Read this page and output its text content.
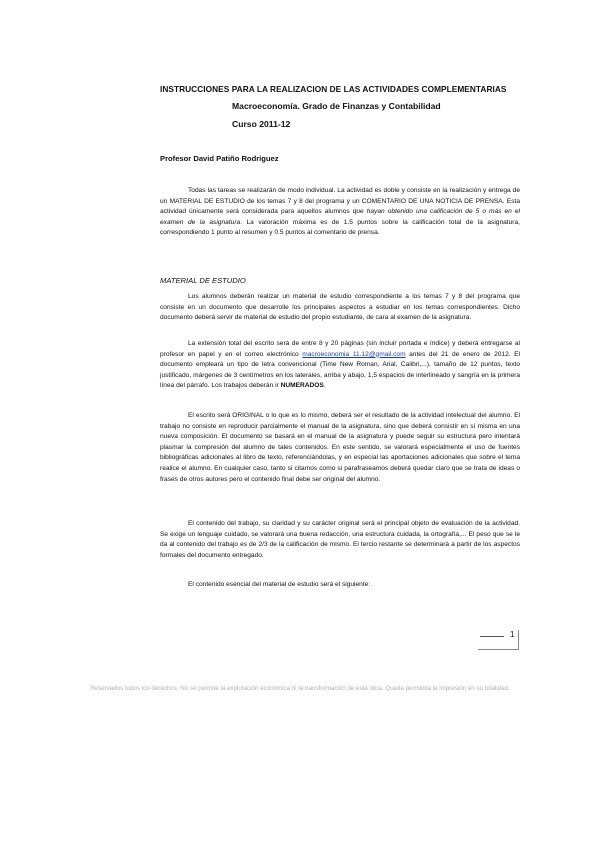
INSTRUCCIONES PARA LA REALIZACION DE LAS ACTIVIDADES COMPLEMENTARIAS
Macroeconomía. Grado de Finanzas y Contabilidad
Curso 2011-12
Profesor David Patiño Rodríguez
Todas las tareas se realizarán de modo individual. La actividad es doble y consiste en la realización y entrega de un MATERIAL DE ESTUDIO de los temas 7 y 8 del programa y un COMENTARIO DE UNA NOTICIA DE PRENSA. Esta actividad únicamente será considerada para aquellos alumnos que hayan obtenido una calificación de 5 o más en el examen de la asignatura. La valoración máxima es de 1.5 puntos sobre la calificación total de la asignatura, correspondiendo 1 punto al resumen y 0.5 puntos al comentario de prensa.
MATERIAL DE ESTUDIO
Los alumnos deberán realizar un material de estudio correspondiente a los temas 7 y 8 del programa que consiste en un documento que desarrolle los principales aspectos a estudiar en los temas correspondientes. Dicho documento deberá servir de material de estudio del propio estudiante, de cara al examen de la asignatura.
La extensión total del escrito será de entre 8 y 20 páginas (sin incluir portada e índice) y deberá entregarse al profesor en papel y en el correo electrónico macroeconomia_11.12@gmail.com antes del 21 de enero de 2012. El documento empleará un tipo de letra convencional (Time New Roman, Arial, Calibri,...), tamaño de 12 puntos, texto justificado, márgenes de 3 centímetros en los laterales, arriba y abajo, 1,5 espacios de interlineado y sangría en la primera línea del párrafo. Los trabajos deberán ir NUMERADOS.
El escrito será ORIGINAL o lo que es lo mismo, deberá ser el resultado de la actividad intelectual del alumno. El trabajo no consiste en reproducir parcialmente el manual de la asignatura, sino que deberá consistir en sí misma en una nueva composición. El documento se basará en el manual de la asignatura y puede seguir su estructura pero intentará plasmar la compresión del alumno de tales contenidos. En este sentido, se valorará especialmente el uso de fuentes bibliográficas adicionales al libro de texto, referenciándolas, y en especial las aportaciones adicionales que sobre el tema realice el alumno. En cualquier caso, tanto si citamos como si parafraseamos deberá quedar claro que se trata de ideas o frases de otros autores pero el contenido final debe ser original del alumno.
El contenido del trabajo, su claridad y su carácter original será el principal objeto de evaluación de la actividad. Se exige un lenguaje cuidado, se valorará una buena redacción, una estructura cuidada, la ortografía,... El peso que se le da al contenido del trabajo es de 2/3 de la calificación de mismo. El tercio restante se determinará a partir de los aspectos formales del documento entregado.
El contenido esencial del material de estudio será el siguiente:
1
Reservados todos los derechos. No se permite la explotación económica ni la transformación de esta obra. Queda permitida la impresión en su totalidad.
